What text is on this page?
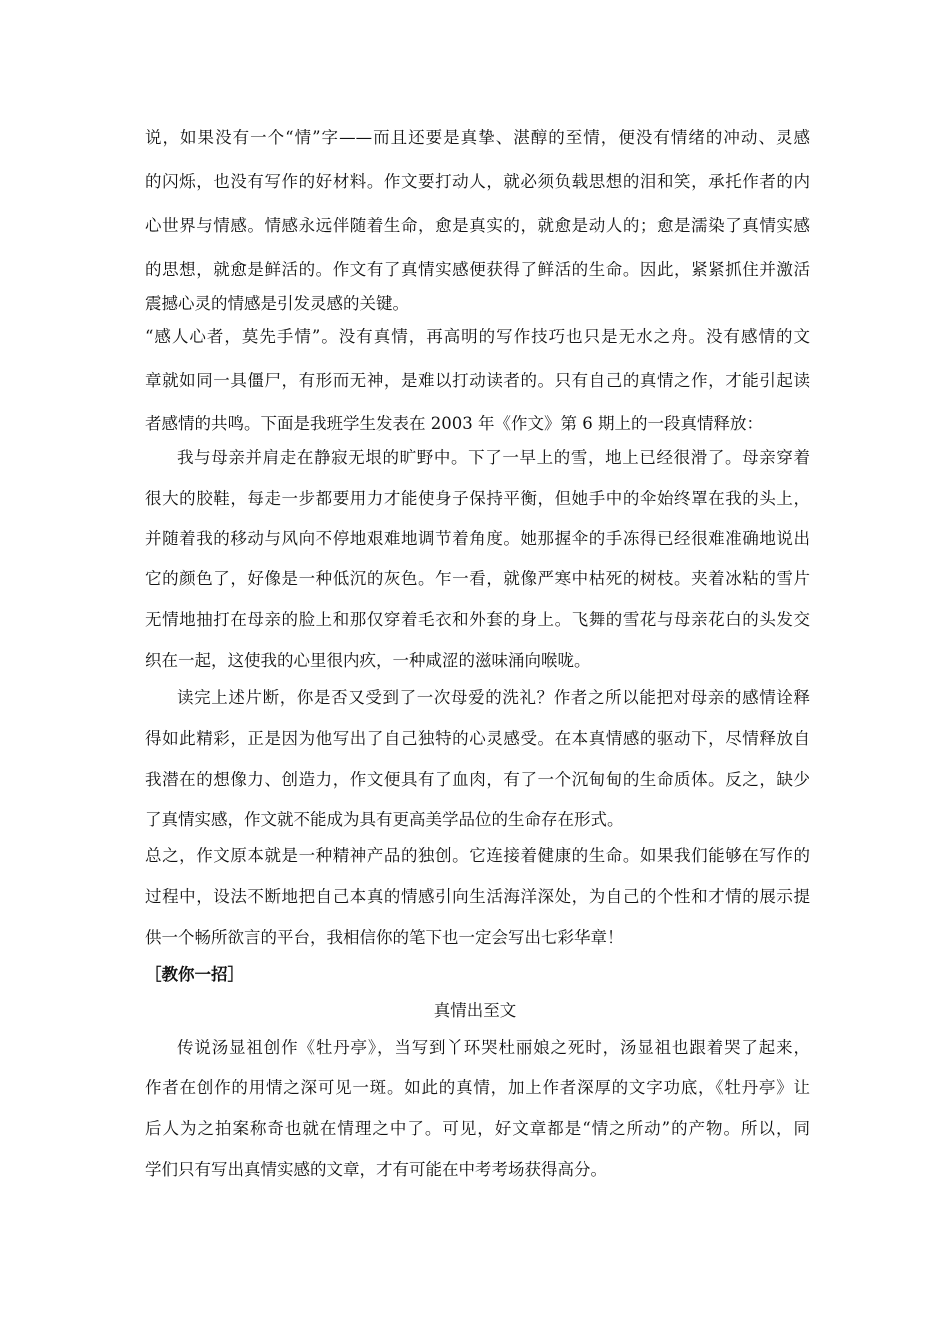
说，如果没有一个“情”字——而且还要是真挚、湛醇的至情，便没有情绪的冲动、灵感
的闪烁，也没有写作的好材料。作文要打动人，就必须负载思想的泪和笑，承托作者的内
心世界与情感。情感永远伴随着生命，愈是真实的，就愈是动人的；愈是濡染了真情实感
的思想，就愈是鲜活的。作文有了真情实感便获得了鲜活的生命。因此，紧紧抓住并激活
震撼心灵的情感是引发灵感的关键。
“感人心者，莫先手情”。没有真情，再高明的写作技巧也只是无水之舟。没有感情的文
章就如同一具僵尸，有形而无神，是难以打动读者的。只有自己的真情之作，才能引起读
者感情的共鸣。下面是我班学生发表在 2003 年《作文》第 6 期上的一段真情释放：
我与母亲并肩走在静寂无垠的旷野中。下了一早上的雪，地上已经很滑了。母亲穿着
很大的胶鞋，每走一步都要用力才能使身子保持平衡，但她手中的伞始终罩在我的头上，
并随着我的移动与风向不停地艰难地调节着角度。她那握伞的手冻得已经很难准确地说出
它的颜色了，好像是一种低沉的灰色。乍一看，就像严寒中枯死的树枝。夹着冰粘的雪片
无情地抽打在母亲的脸上和那仅穿着毛衣和外套的身上。飞舞的雪花与母亲花白的头发交
织在一起，这使我的心里很内疚，一种咸涩的滋味涌向喉咙。
读完上述片断，你是否又受到了一次母爱的洗礼？作者之所以能把对母亲的感情诠释
得如此精彩，正是因为他写出了自己独特的心灵感受。在本真情感的驱动下，尽情释放自
我潜在的想像力、创造力，作文便具有了血肉，有了一个沉甸甸的生命质体。反之，缺少
了真情实感，作文就不能成为具有更高美学品位的生命存在形式。
总之，作文原本就是一种精神产品的独创。它连接着健康的生命。如果我们能够在写作的
过程中，设法不断地把自己本真的情感引向生活海洋深处，为自己的个性和才情的展示提
供一个畅所欲言的平台，我相信你的笔下也一定会写出七彩华章！
［教你一招］
真情出至文
传说汤显祖创作《牡丹亭》，当写到丫环哭杜丽娘之死时，汤显祖也跟着哭了起来，
作者在创作的用情之深可见一斑。如此的真情，加上作者深厚的文字功底，《牡丹亭》让
后人为之拍案称奇也就在情理之中了。可见，好文章都是“情之所动”的产物。所以，同
学们只有写出真情实感的文章，才有可能在中考考场获得高分。
